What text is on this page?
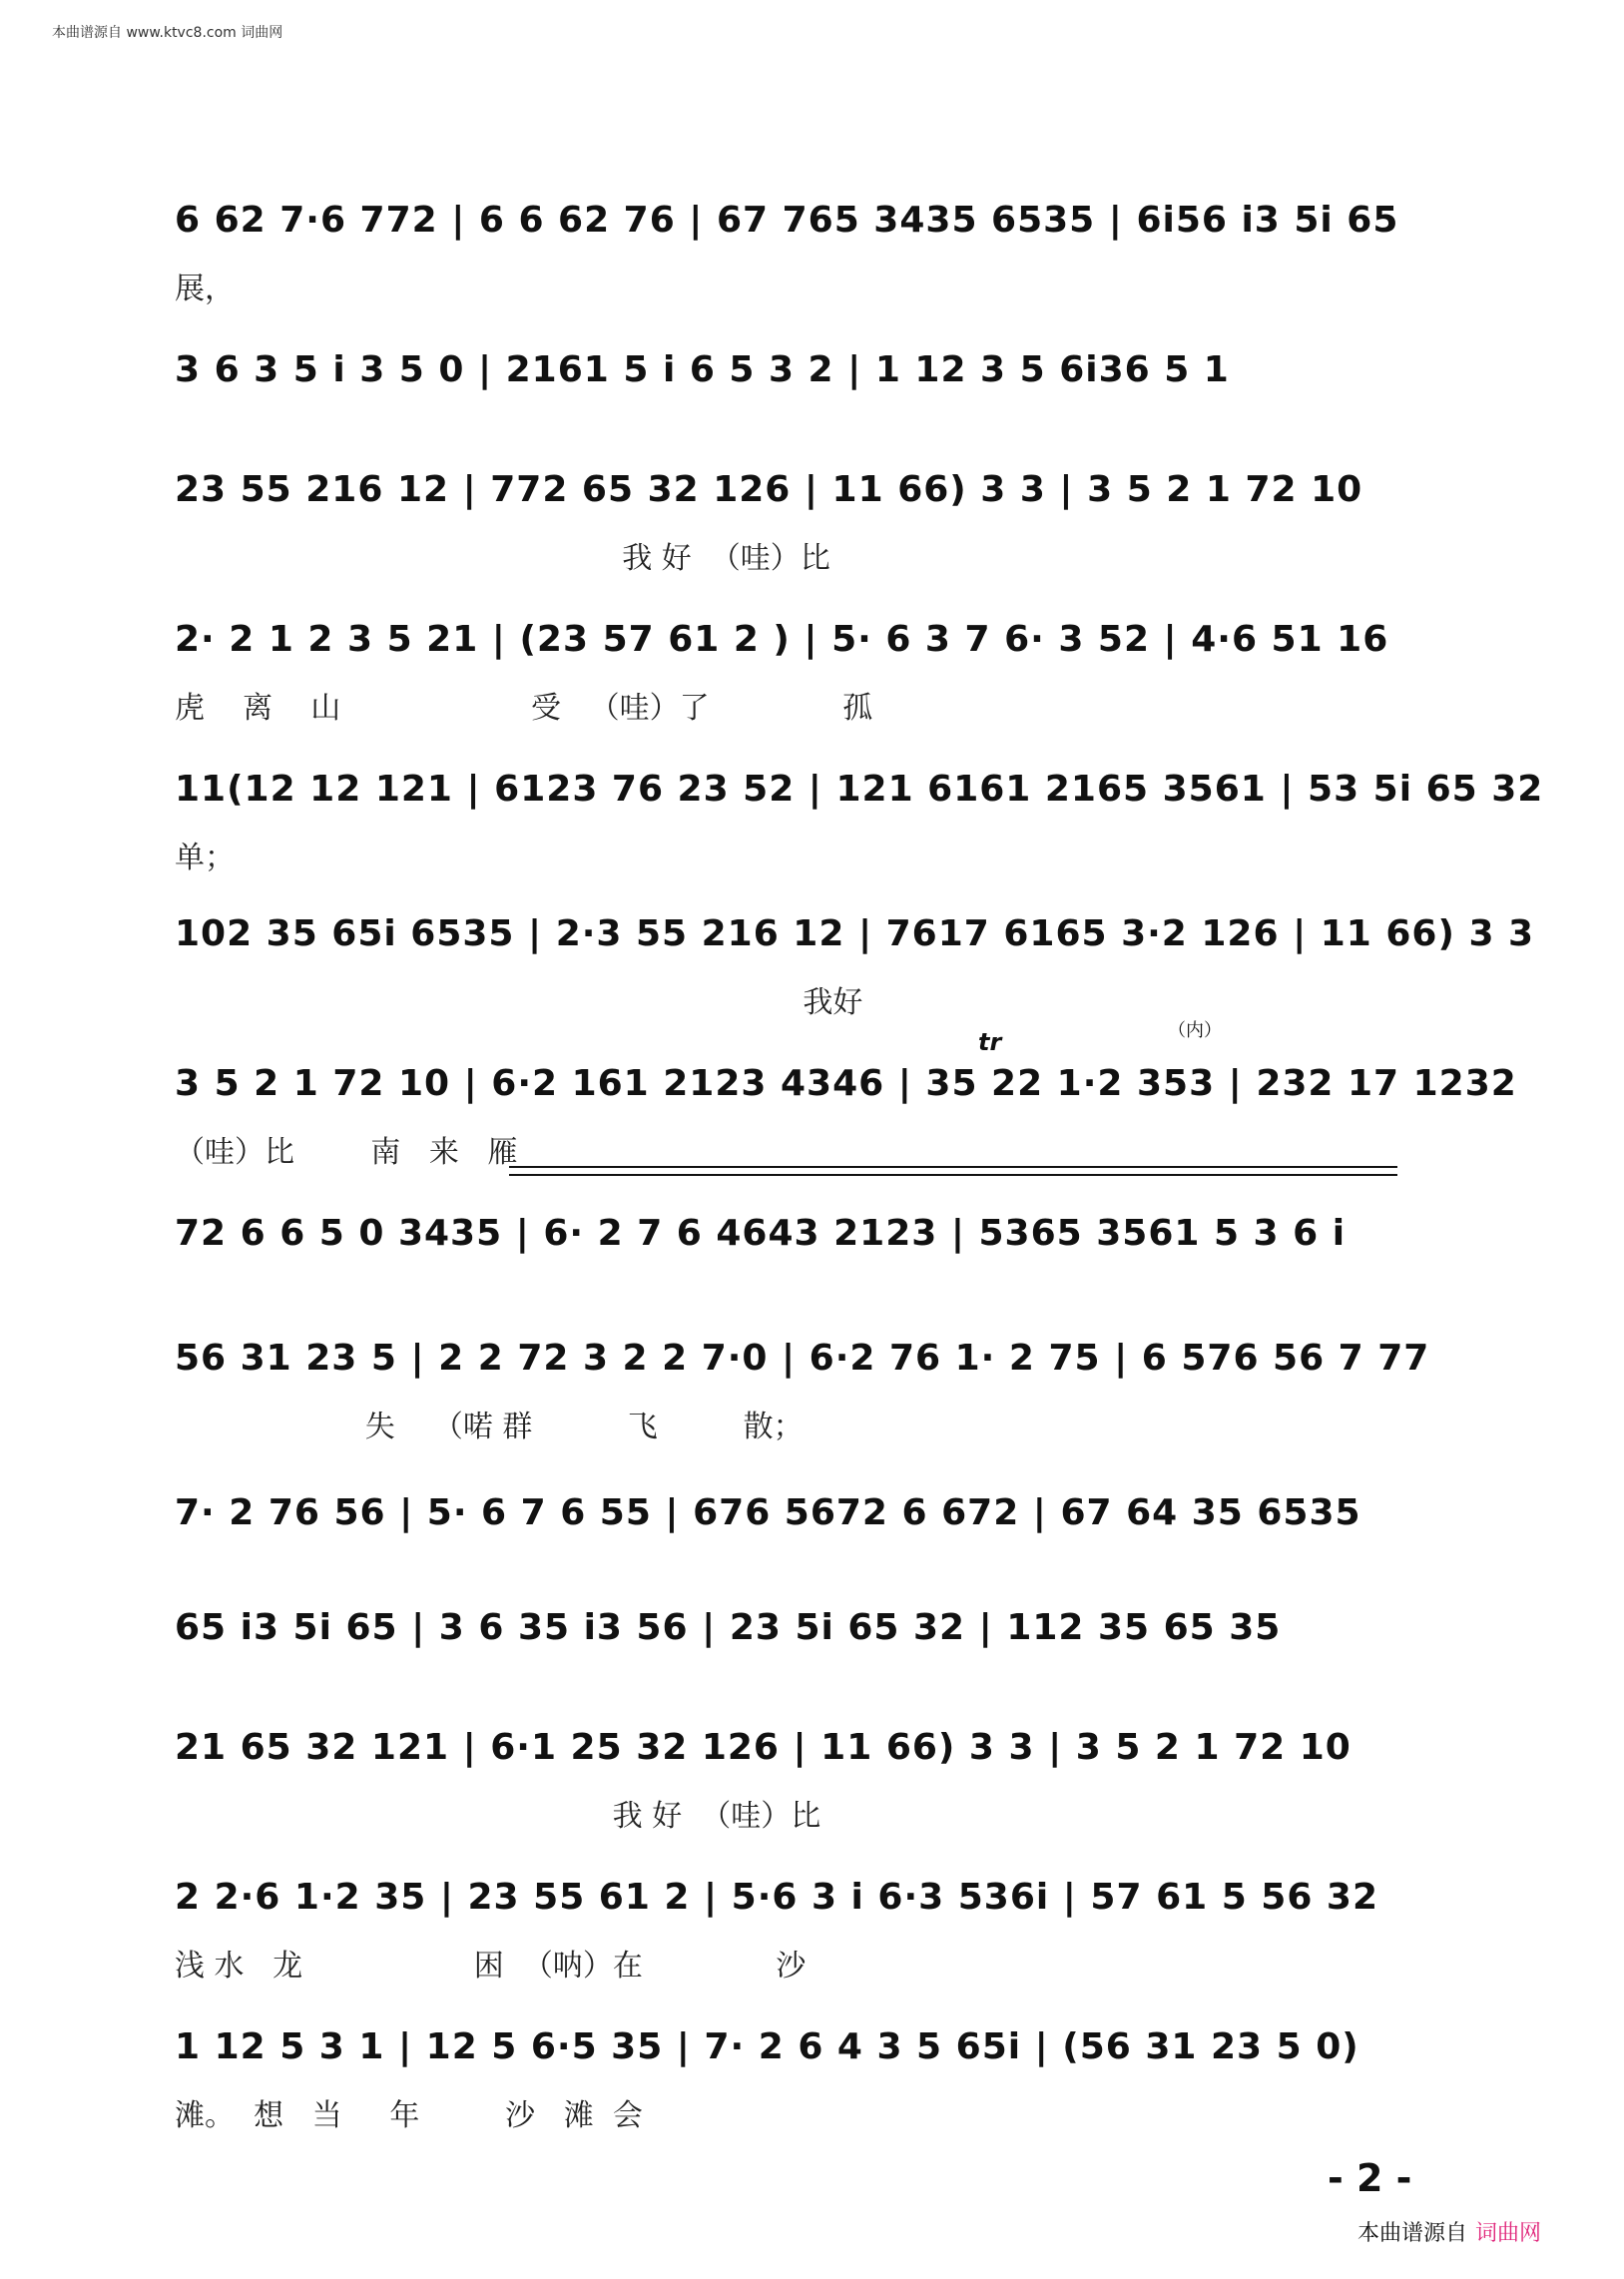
本曲谱源自 www.ktvc8.com 词曲网
6 62 7·6 772 | 6 6 62 76 | 67 765 3435 6535 | 6i56 i3 5i 65
展，
3 6 3 5 i 3 5 0 | 2161 5 i 6 5 3 2 | 1 12 3 5 6i36 5 1
23 55 216 12 | 772 65 32 126 | 11 66) 3 3 | 3 5 2 1 72 10
我 好  （哇）比
2· 2 1 2 3 5 21 | (23 57 61 2 ) | 5· 6 3 7 6· 3 52 | 4·6 51 16
虎    离    山                    受   （哇）了              孤
11(12 12 121 | 6123 76 23 52 | 121 6161 2165 3561 | 53 5i 65 32
单；
102 35 65i 6535 | 2·3 55 216 12 | 7617 6165 3·2 126 | 11 66) 3 3
我好
3 5 2 1 72 10 | 6·2 161 2123 4346 | 35 22 1·2 353 | 232 17 1232
（哇）比        南   来   雁
72 6 6 5 0 3435 | 6· 2 7 6 4643 2123 | 5365 3561 5 3 6 i
56 31 23 5 | 2 2 72 3 2 2 7·0 | 6·2 76 1· 2 75 | 6 576 56 7 77
失    （喏 群          飞         散；
7· 2 76 56 | 5· 6 7 6 55 | 676 5672 6 672 | 67 64 35 6535
65 i3 5i 65 | 3 6 35 i3 56 | 23 5i 65 32 | 112 35 65 35
21 65 32 121 | 6·1 25 32 126 | 11 66) 3 3 | 3 5 2 1 72 10
我 好  （哇）比
2 2·6 1·2 35 | 23 55 61 2 | 5·6 3 i 6·3 536i | 57 61 5 56 32
浅 水   龙                  困  （呐）在              沙
1 12 5 3 1 | 12 5 6·5 35 | 7· 2 6 4 3 5 65i | (56 31 23 5 0)
滩。  想   当     年         沙   滩  会
（内）
tr
- 2 -
本曲谱源自 词曲网
